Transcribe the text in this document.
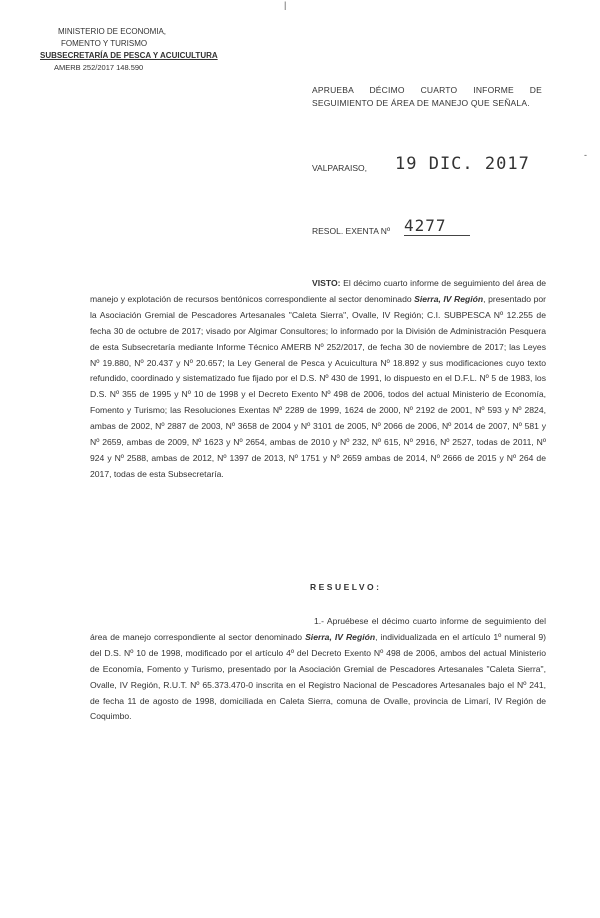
|
MINISTERIO DE ECONOMIA,
FOMENTO Y TURISMO
SUBSECRETARÍA DE PESCA Y ACUICULTURA
AMERB 252/2017 148.590
APRUEBA DÉCIMO CUARTO INFORME DE SEGUIMIENTO DE ÁREA DE MANEJO QUE SEÑALA.
VALPARAISO, 19 DIC. 2017	-
RESOL. EXENTA Nº 4277
VISTO: El décimo cuarto informe de seguimiento del área de manejo y explotación de recursos bentónicos correspondiente al sector denominado Sierra, IV Región, presentado por la Asociación Gremial de Pescadores Artesanales "Caleta Sierra", Ovalle, IV Región; C.I. SUBPESCA Nº 12.255 de fecha 30 de octubre de 2017; visado por Algimar Consultores; lo informado por la División de Administración Pesquera de esta Subsecretaría mediante Informe Técnico AMERB Nº 252/2017, de fecha 30 de noviembre de 2017; las Leyes Nº 19.880, Nº 20.437 y Nº 20.657; la Ley General de Pesca y Acuicultura Nº 18.892 y sus modificaciones cuyo texto refundido, coordinado y sistematizado fue fijado por el D.S. Nº 430 de 1991, lo dispuesto en el D.F.L. Nº 5 de 1983, los D.S. Nº 355 de 1995 y Nº 10 de 1998 y el Decreto Exento Nº 498 de 2006, todos del actual Ministerio de Economía, Fomento y Turismo; las Resoluciones Exentas Nº 2289 de 1999, 1624 de 2000, Nº 2192 de 2001, Nº 593 y Nº 2824, ambas de 2002, Nº 2887 de 2003, Nº 3658 de 2004 y Nº 3101 de 2005, Nº 2066 de 2006, Nº 2014 de 2007, Nº 581 y Nº 2659, ambas de 2009, Nº 1623 y Nº 2654, ambas de 2010 y Nº 232, Nº 615, Nº 2916, Nº 2527, todas de 2011, Nº 924 y Nº 2588, ambas de 2012, Nº 1397 de 2013, Nº 1751 y Nº 2659 ambas de 2014, Nº 2666 de 2015 y Nº 264 de 2017, todas de esta Subsecretaría.
RESUELVO:
1.- Apruébese el décimo cuarto informe de seguimiento del área de manejo correspondiente al sector denominado Sierra, IV Región, individualizada en el artículo 1º numeral 9) del D.S. Nº 10 de 1998, modificado por el artículo 4º del Decreto Exento Nº 498 de 2006, ambos del actual Ministerio de Economía, Fomento y Turismo, presentado por la Asociación Gremial de Pescadores Artesanales "Caleta Sierra", Ovalle, IV Región, R.U.T. Nº 65.373.470-0 inscrita en el Registro Nacional de Pescadores Artesanales bajo el Nº 241, de fecha 11 de agosto de 1998, domiciliada en Caleta Sierra, comuna de Ovalle, provincia de Limarí, IV Región de Coquimbo.
